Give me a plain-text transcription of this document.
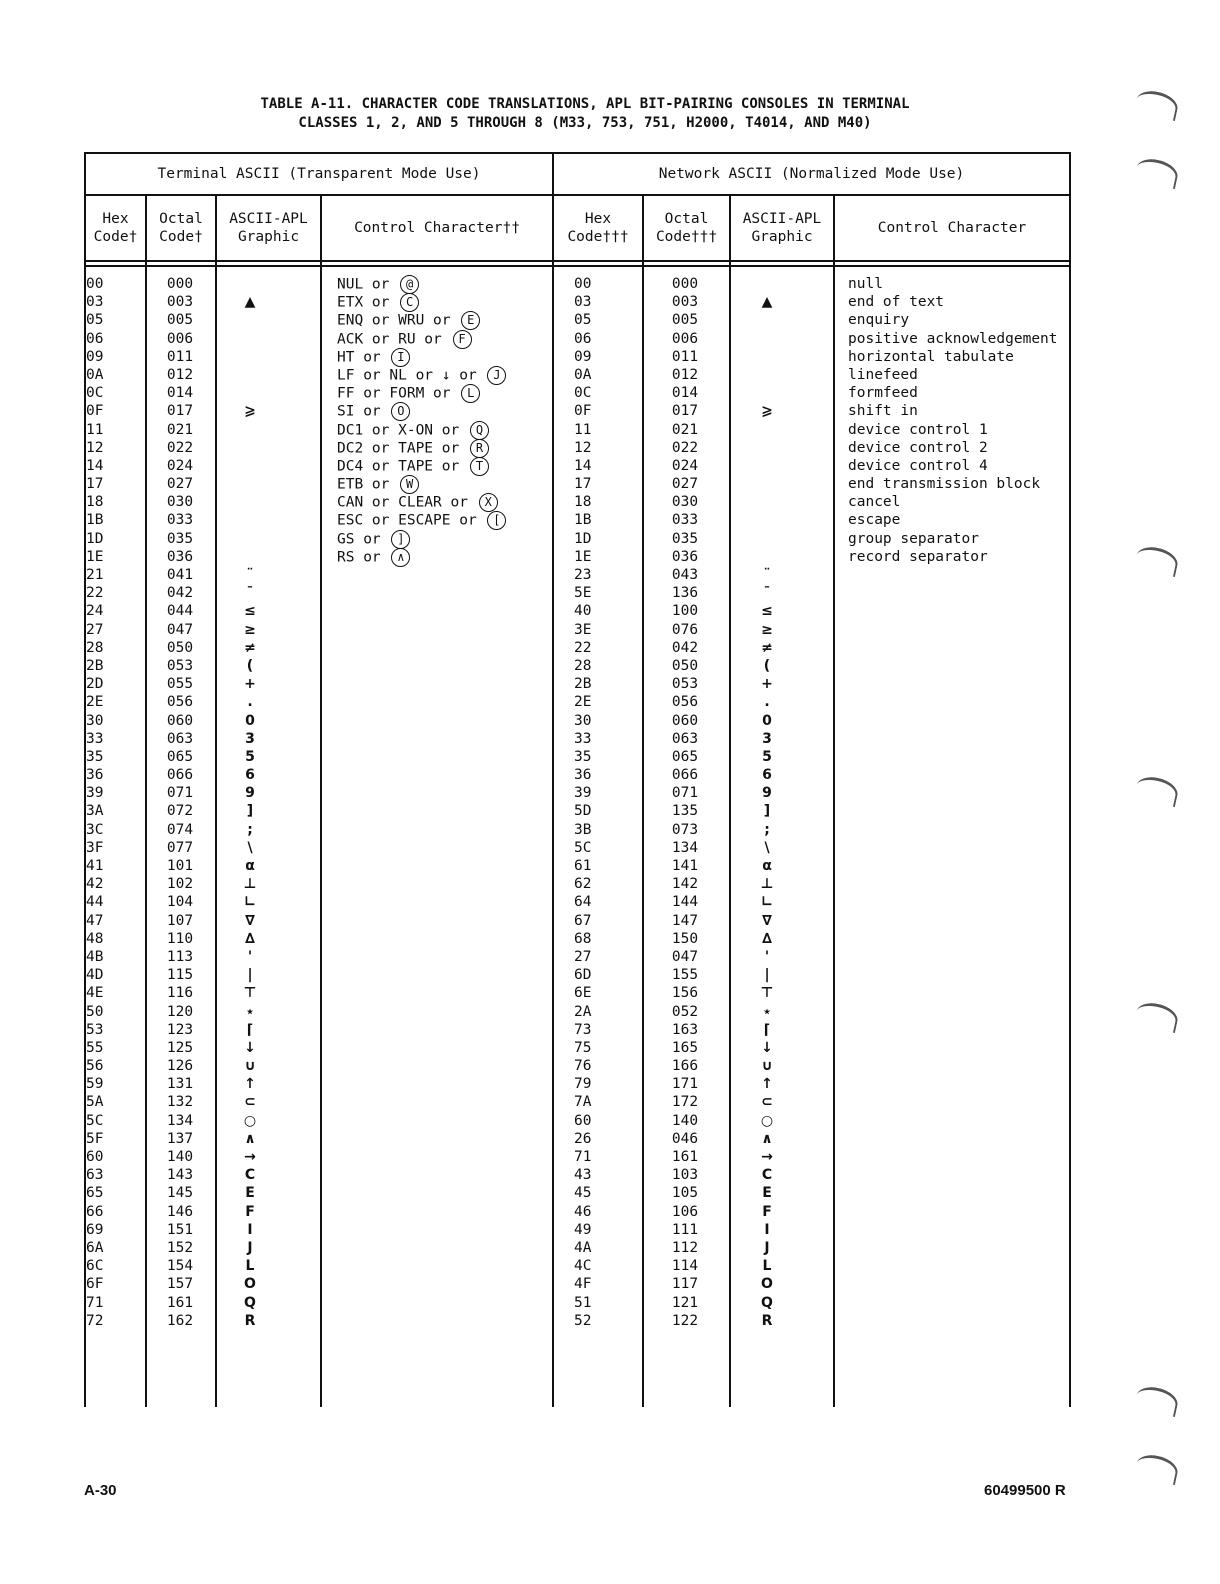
TABLE A-11. CHARACTER CODE TRANSLATIONS, APL BIT-PAIRING CONSOLES IN TERMINAL
CLASSES 1, 2, AND 5 THROUGH 8 (M33, 753, 751, H2000, T4014, AND M40)
Terminal ASCII (Transparent Mode Use)	Network ASCII (Normalized Mode Use)
Hex
Code†
Octal
Code†
ASCII-APL
Graphic
Control Character††
Hex
Code†††
Octal
Code†††
ASCII-APL
Graphic
Control Character
00
03
05
06
09
0A
0C
0F
11
12
14
17
18
1B
1D
1E
21
22
24
27
28
2B
2D
2E
30
33
35
36
39
3A
3C
3F
41
42
44
47
48
4B
4D
4E
50
53
55
56
59
5A
5C
5F
60
63
65
66
69
6A
6C
6F
71
72
000
003
005
006
011
012
014
017
021
022
024
027
030
033
035
036
041
042
044
047
050
053
055
056
060
063
065
066
071
072
074
077
101
102
104
107
110
113
115
116
120
123
125
126
131
132
134
137
140
143
145
146
151
152
154
157
161
162
▲
⩾
¨
¯
≤
≥
≠
(
+
.
0
3
5
6
9
]
;
\
α
⊥
∟
∇
∆
'
|
⊤
⋆
⌈
↓
∪
↑
⊂
○
∧
→
C
E
F
I
J
L
O
Q
R
NUL or @
ETX or C
ENQ or WRU or E
ACK or RU or F
HT or I
LF or NL or ↓ or J
FF or FORM or L
SI or O
DC1 or X-ON or Q
DC2 or TAPE or R
DC4 or TAPE or T
ETB or W
CAN or CLEAR or X
ESC or ESCAPE or [
GS or ]
RS or ∧
00
03
05
06
09
0A
0C
0F
11
12
14
17
18
1B
1D
1E
23
5E
40
3E
22
28
2B
2E
30
33
35
36
39
5D
3B
5C
61
62
64
67
68
27
6D
6E
2A
73
75
76
79
7A
60
26
71
43
45
46
49
4A
4C
4F
51
52
000
003
005
006
011
012
014
017
021
022
024
027
030
033
035
036
043
136
100
076
042
050
053
056
060
063
065
066
071
135
073
134
141
142
144
147
150
047
155
156
052
163
165
166
171
172
140
046
161
103
105
106
111
112
114
117
121
122
▲
⩾
¨
¯
≤
≥
≠
(
+
.
0
3
5
6
9
]
;
\
α
⊥
∟
∇
∆
'
|
⊤
⋆
⌈
↓
∪
↑
⊂
○
∧
→
C
E
F
I
J
L
O
Q
R
null
end of text
enquiry
positive acknowledgement
horizontal tabulate
linefeed
formfeed
shift in
device control 1
device control 2
device control 4
end transmission block
cancel
escape
group separator
record separator
A-30	60499500 R
